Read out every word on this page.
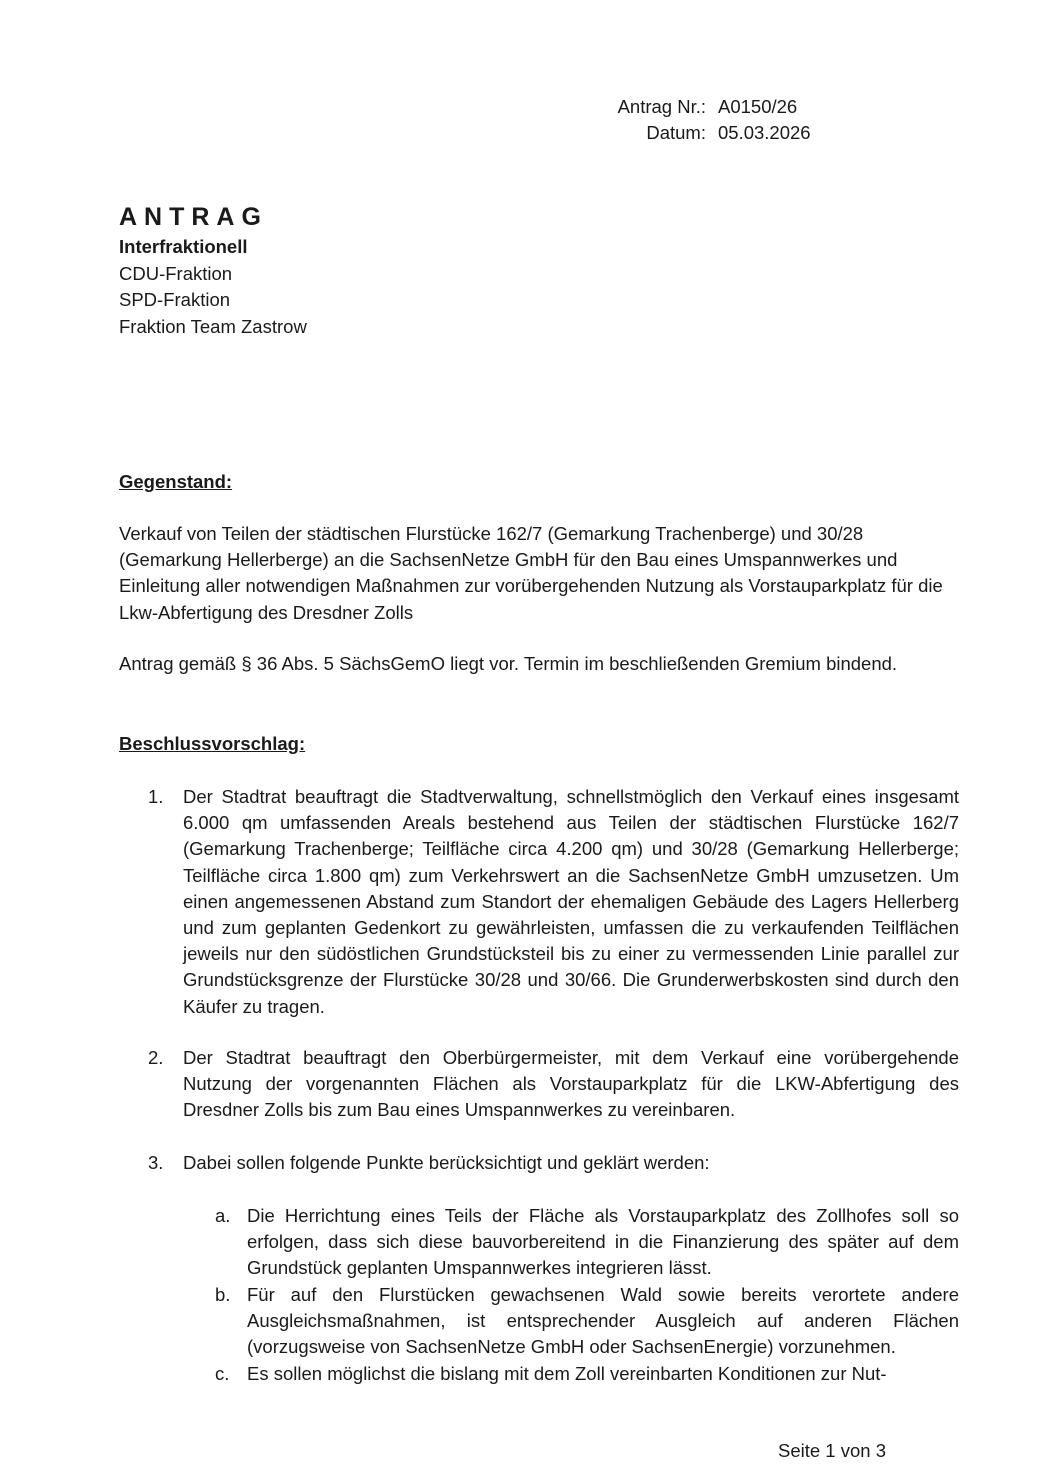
Antrag Nr.: A0150/26
Datum: 05.03.2026
ANTRAG
Interfraktionell
CDU-Fraktion
SPD-Fraktion
Fraktion Team Zastrow
Gegenstand:

Verkauf von Teilen der städtischen Flurstücke 162/7 (Gemarkung Trachenberge) und 30/28 (Gemarkung Hellerberge) an die SachsenNetze GmbH für den Bau eines Umspannwerkes und Einleitung aller notwendigen Maßnahmen zur vorübergehenden Nutzung als Vorstauparkplatz für die Lkw-Abfertigung des Dresdner Zolls

Antrag gemäß § 36 Abs. 5 SächsGemO liegt vor. Termin im beschließenden Gremium bindend.

Beschlussvorschlag:
1.	Der Stadtrat beauftragt die Stadtverwaltung, schnellstmöglich den Verkauf eines insgesamt 6.000 qm umfassenden Areals bestehend aus Teilen der städtischen Flurstücke 162/7 (Gemarkung Trachenberge; Teilfläche circa 4.200 qm) und 30/28 (Gemarkung Hellerberge; Teilfläche circa 1.800 qm) zum Verkehrswert an die SachsenNetze GmbH umzusetzen. Um einen angemessenen Abstand zum Standort der ehemaligen Gebäude des Lagers Hellerberg und zum geplanten Gedenkort zu gewährleisten, umfassen die zu verkaufenden Teilflächen jeweils nur den südöstlichen Grundstücksteil bis zu einer zu vermessenden Linie parallel zur Grundstücksgrenze der Flurstücke 30/28 und 30/66. Die Grunderwerbskosten sind durch den Käufer zu tragen.
2.	Der Stadtrat beauftragt den Oberbürgermeister, mit dem Verkauf eine vorübergehende Nutzung der vorgenannten Flächen als Vorstauparkplatz für die LKW-Abfertigung des Dresdner Zolls bis zum Bau eines Umspannwerkes zu vereinbaren.
3.	Dabei sollen folgende Punkte berücksichtigt und geklärt werden:
a. Die Herrichtung eines Teils der Fläche als Vorstauparkplatz des Zollhofes soll so erfolgen, dass sich diese bauvorbereitend in die Finanzierung des später auf dem Grundstück geplanten Umspannwerkes integrieren lässt.
b. Für auf den Flurstücken gewachsenen Wald sowie bereits verortete andere Ausgleichsmaßnahmen, ist entsprechender Ausgleich auf anderen Flächen (vorzugsweise von SachsenNetze GmbH oder SachsenEnergie) vorzunehmen.
c. Es sollen möglichst die bislang mit dem Zoll vereinbarten Konditionen zur Nut-
Seite 1 von 3
